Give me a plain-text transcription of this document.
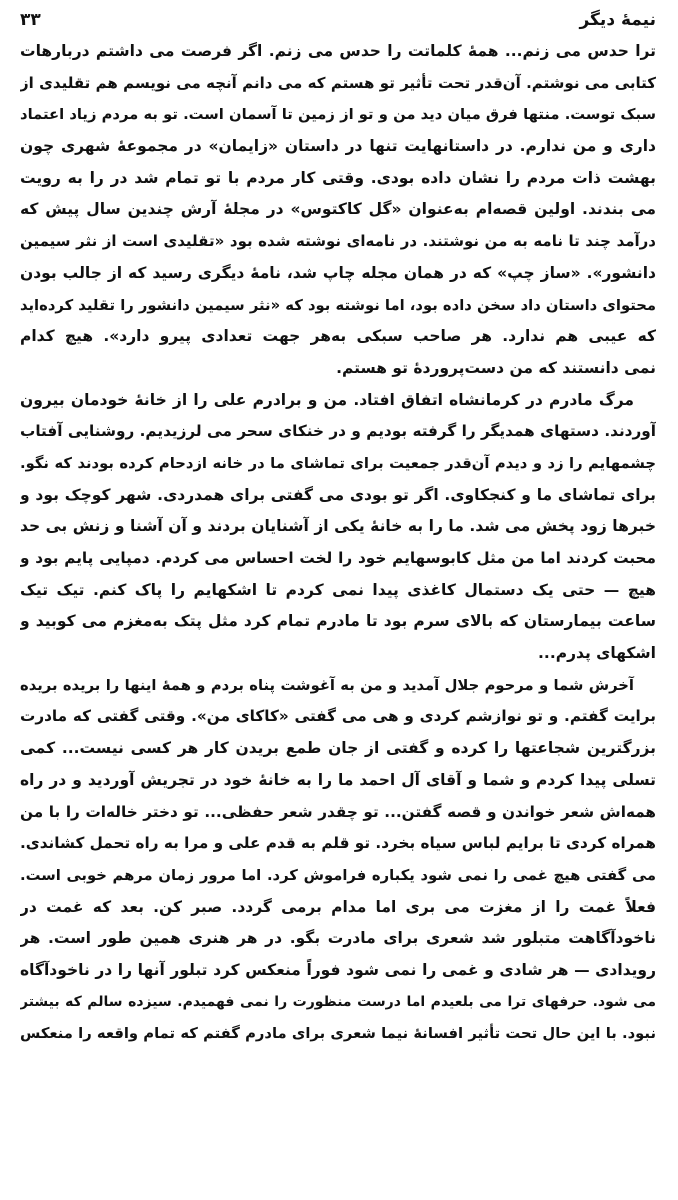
نیمهٔ دیگر
۳۳
ترا حدس می زنم... همهٔ کلماتت را حدس می زنم. اگر فرصت می داشتم دربارهات
کتابی می نوشتم. آن‌قدر تحت تأثیر تو هستم که می دانم آنچه می نویسم هم تقلیدی از
سبک توست. منتها فرق میان دید من و تو از زمین تا آسمان است. تو به مردم زیاد اعتماد
داری و من ندارم. در داستانهایت تنها در داستان «زایمان» در مجموعهٔ شهری چون
بهشت ذات مردم را نشان داده بودی. وقتی کار مردم با تو تمام شد در را به رویت
می بندند. اولین قصه‌ام به‌عنوان «گل کاکتوس» در مجلهٔ آرش چندین سال پیش که
درآمد چند تا نامه به من نوشتند. در نامه‌ای نوشته شده بود «تقلیدی است از نثر سیمین
دانشور». «ساز چپ» که در همان مجله چاپ شد، نامهٔ دیگری رسید که از جالب بودن
محتوای داستان داد سخن داده بود، اما نوشته بود که «نثر سیمین دانشور را تقلید کرده‌اید
که عیبی هم ندارد. هر صاحب سبکی به‌هر جهت تعدادی پیرو دارد». هیچ کدام
نمی دانستند که من دست‌پروردهٔ تو هستم.
مرگ مادرم در کرمانشاه اتفاق افتاد. من و برادرم علی را از خانهٔ خودمان بیرون
آوردند. دستهای همدیگر را گرفته بودیم و در خنکای سحر می لرزیدیم. روشنایی آفتاب
چشمهایم را زد و دیدم آن‌قدر جمعیت برای تماشای ما در خانه ازدحام کرده بودند که نگو.
برای تماشای ما و کنجکاوی. اگر تو بودی می گفتی برای همدردی. شهر کوچک بود و
خبرها زود پخش می شد. ما را به خانهٔ یکی از آشنایان بردند و آن آشنا و زنش بی حد
محبت کردند اما من مثل کابوسهایم خود را لخت احساس می کردم. دمپایی پایم بود و
هیچ — حتی یک دستمال کاغذی پیدا نمی کردم تا اشکهایم را پاک کنم. تیک تیک
ساعت بیمارستان که بالای سرم بود تا مادرم تمام کرد مثل پتک به‌مغزم می کوبید و
اشکهای پدرم...
آخرش شما و مرحوم جلال آمدید و من به آغوشت پناه بردم و همهٔ اینها را بریده بریده
برایت گفتم. و تو نوازشم کردی و هی می گفتی «کاکای من». وقتی گفتی که مادرت
بزرگترین شجاعتها را کرده و گفتی از جان طمع بریدن کار هر کسی نیست... کمی
تسلی پیدا کردم و شما و آقای آل احمد ما را به خانهٔ خود در تجریش آوردید و در راه
همه‌اش شعر خواندن و قصه گفتن... تو چقدر شعر حفظی... تو دختر خاله‌ات را با من
همراه کردی تا برایم لباس سیاه بخرد. تو قلم به قدم علی و مرا به راه تحمل کشاندی.
می گفتی هیچ غمی را نمی شود یکباره فراموش کرد. اما مرور زمان مرهم خوبی است.
فعلاً غمت را از مغزت می بری اما مدام برمی گردد. صبر کن. بعد که غمت در
ناخودآگاهت متبلور شد شعری برای مادرت بگو. در هر هنری همین طور است. هر
رویدادی — هر شادی و غمی را نمی شود فوراً منعکس کرد تبلور آنها را در ناخودآگاه
می شود. حرفهای ترا می بلعیدم اما درست منظورت را نمی فهمیدم. سیزده سالم که بیشتر
نبود. با این حال تحت تأثیر افسانهٔ نیما شعری برای مادرم گفتم که تمام واقعه را منعکس
